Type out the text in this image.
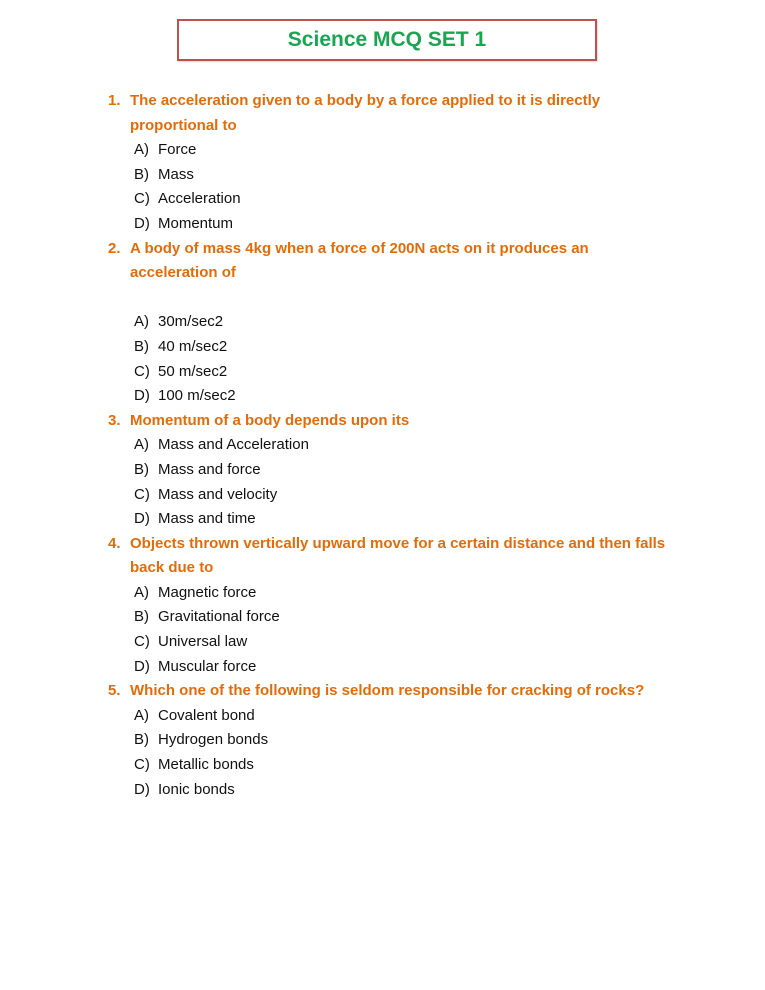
Science MCQ SET 1
1. The acceleration given to a body by a force applied to it is directly proportional to
A) Force
B) Mass
C) Acceleration
D) Momentum
2. A body of mass 4kg when a force of 200N acts on it produces an acceleration of
A) 30m/sec2
B) 40 m/sec2
C) 50 m/sec2
D) 100 m/sec2
3. Momentum of a body depends upon its
A) Mass and Acceleration
B) Mass and force
C) Mass and velocity
D) Mass and time
4. Objects thrown vertically upward move for a certain distance and then falls back due to
A) Magnetic force
B) Gravitational force
C) Universal law
D) Muscular force
5. Which one of the following is seldom responsible for cracking of rocks?
A) Covalent bond
B) Hydrogen bonds
C) Metallic bonds
D) Ionic bonds
